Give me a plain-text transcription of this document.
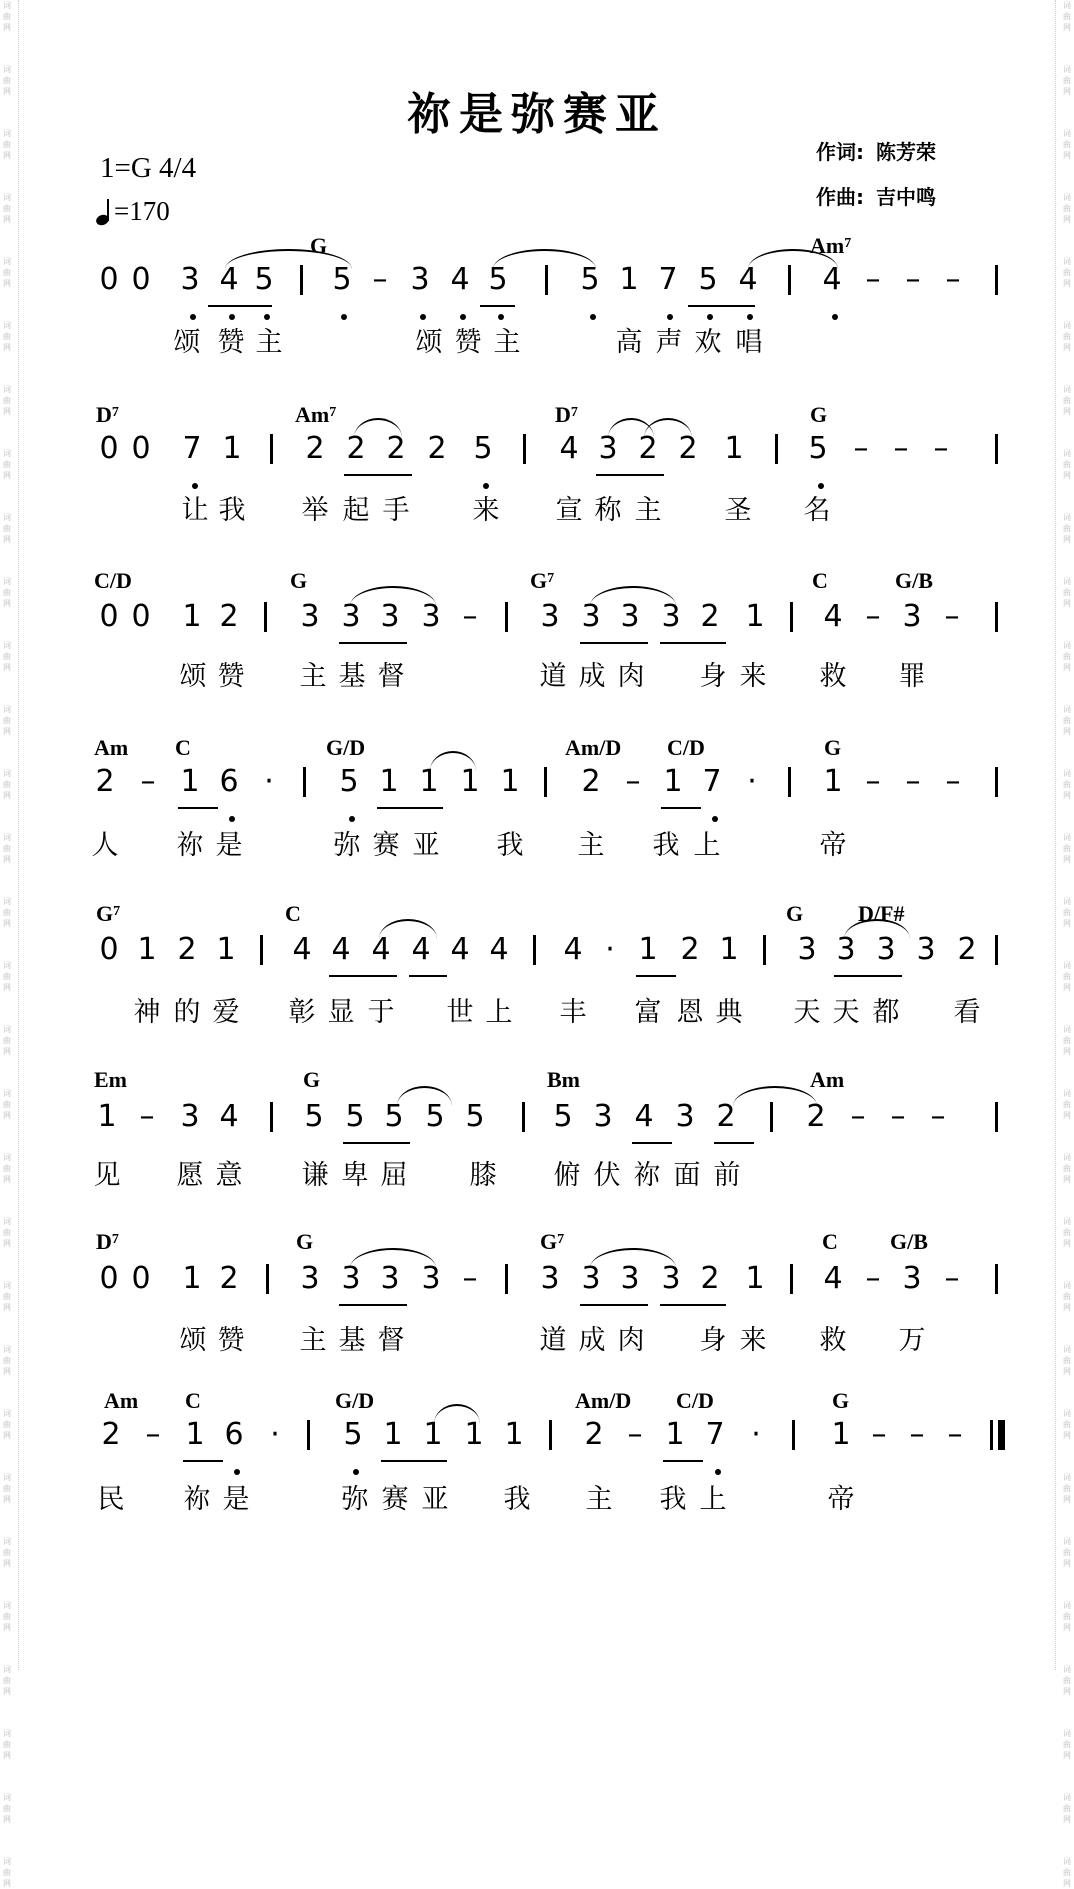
词
曲
网
词
曲
网
词
曲
网
词
曲
网
词
曲
网
词
曲
网
词
曲
网
词
曲
网
词
曲
网
词
曲
网
词
曲
网
词
曲
网
词
曲
网
词
曲
网
词
曲
网
词
曲
网
词
曲
网
词
曲
网
词
曲
网
词
曲
网
词
曲
网
词
曲
网
词
曲
网
词
曲
网
词
曲
网
词
曲
网
词
曲
网
词
曲
网
词
曲
网
词
曲
网
词
曲
网
词
曲
网
词
曲
网
词
曲
网
词
曲
网
词
曲
网
词
曲
网
词
曲
网
词
曲
网
词
曲
网
词
曲
网
词
曲
网
词
曲
网
词
曲
网
词
曲
网
词
曲
网
词
曲
网
词
曲
网
词
曲
网
词
曲
网
词
曲
网
词
曲
网
词
曲
网
词
曲
网
词
曲
网
词
曲
网
词
曲
网
词
曲
网
词
曲
网
词
曲
网
祢是弥赛亚
1=G 4/4
=170
作词: 陈芳荣
作曲: 吉中鸣
G	Am$^7$
0 0 3 4 5 5 – 3 4 5 5 1 7 5 4 4 – – –
颂 赞 主	颂 赞 主	高 声 欢 唱
$D^7$	Am$^7$	$D^7$	G
0 0 7 1 2 2 2 2 5 4 3 2 2 1 5 – – –
让 我 举 起 手 来 宣 称 主 圣 名
C/D	G	$G^7$	C	G/B
0 0 1 2 3 3 3 3 – 3 3 3 3 2 1 4 – 3 –
颂 赞 主 基 督	道 成 肉 身 来 救 罪
Am C	G/D	Am/D C/D	G
2 – 1 6 · 5 1 1 1 1 2 – 1 7 · 1 – – –
人 祢 是	弥 赛 亚 我 主 我 上	帝
$G^7$	C	G D/F#
0 1 2 1 4 4 4 4 4 4 4 · 1 2 1 3 3 3 3 2
神 的 爱 彰 显 于 世 上 丰 富 恩 典 天 天 都 看
Em	G	Bm	Am
1 – 3 4 5 5 5 5 5 5 3 4 3 2 2 – – –
见 愿 意 谦 卑 屈 膝 俯 伏 祢 面 前
$D^7$	G	$G^7$	C G/B
0 0 1 2 3 3 3 3 – 3 3 3 3 2 1 4 – 3 –
颂 赞 主 基 督	道 成 肉 身 来 救 万
Am C	G/D	Am/D C/D	G
2 – 1 6 · 5 1 1 1 1 2 – 1 7 · 1 – – –
民 祢 是	弥 赛 亚 我 主 我 上	帝
